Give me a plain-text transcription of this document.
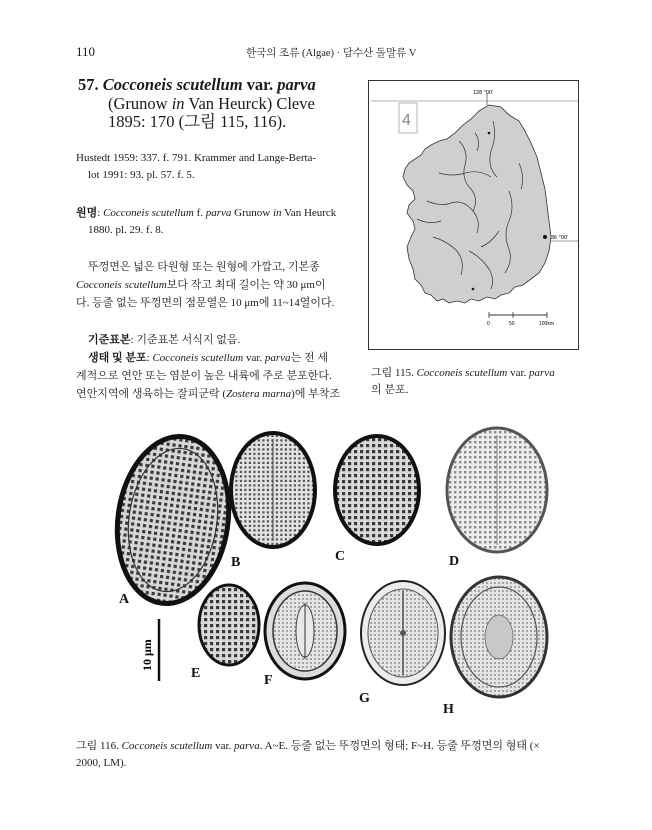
110	한국의 조류 (Algae) · 담수산 돌말류 V
57. Cocconeis scutellum var. parva
(Grunow in Van Heurck) Cleve
1895: 170 (그림 115, 116).
Hustedt 1959: 337. f. 791. Krammer and Lange-Berta-
lot 1991: 93. pl. 57. f. 5.
원명: Cocconeis scutellum f. parva Grunow in Van Heurck
1880. pl. 29. f. 8.
뚜껑면은 넓은 타원형 또는 원형에 가깝고, 기본종
Cocconeis scutellum보다 작고 최대 길이는 약 30 μm이
다. 등줄 없는 뚜껑면의 점문열은 10 μm에 11~14열이다.
기준표본: 기준표본 서식지 없음.
생태 및 분포: Cocconeis scutellum var. parva는 전 세
계적으로 연안 또는 염분이 높은 내륙에 주로 분포한다.
연안지역에 생육하는 잘피군락 (Zostera marna)에 부착조
128 °00'
36 °00'
4
0	50	100km
그림 115. Cocconeis scutellum var. parva
의 분포.
10 μm
A
B	C	D
E	F
G
H
그림 116. Cocconeis scutellum var. parva. A~E. 등줄 없는 뚜껑면의 형태; F~H. 등줄 뚜껑면의 형태 (×
2000, LM).
